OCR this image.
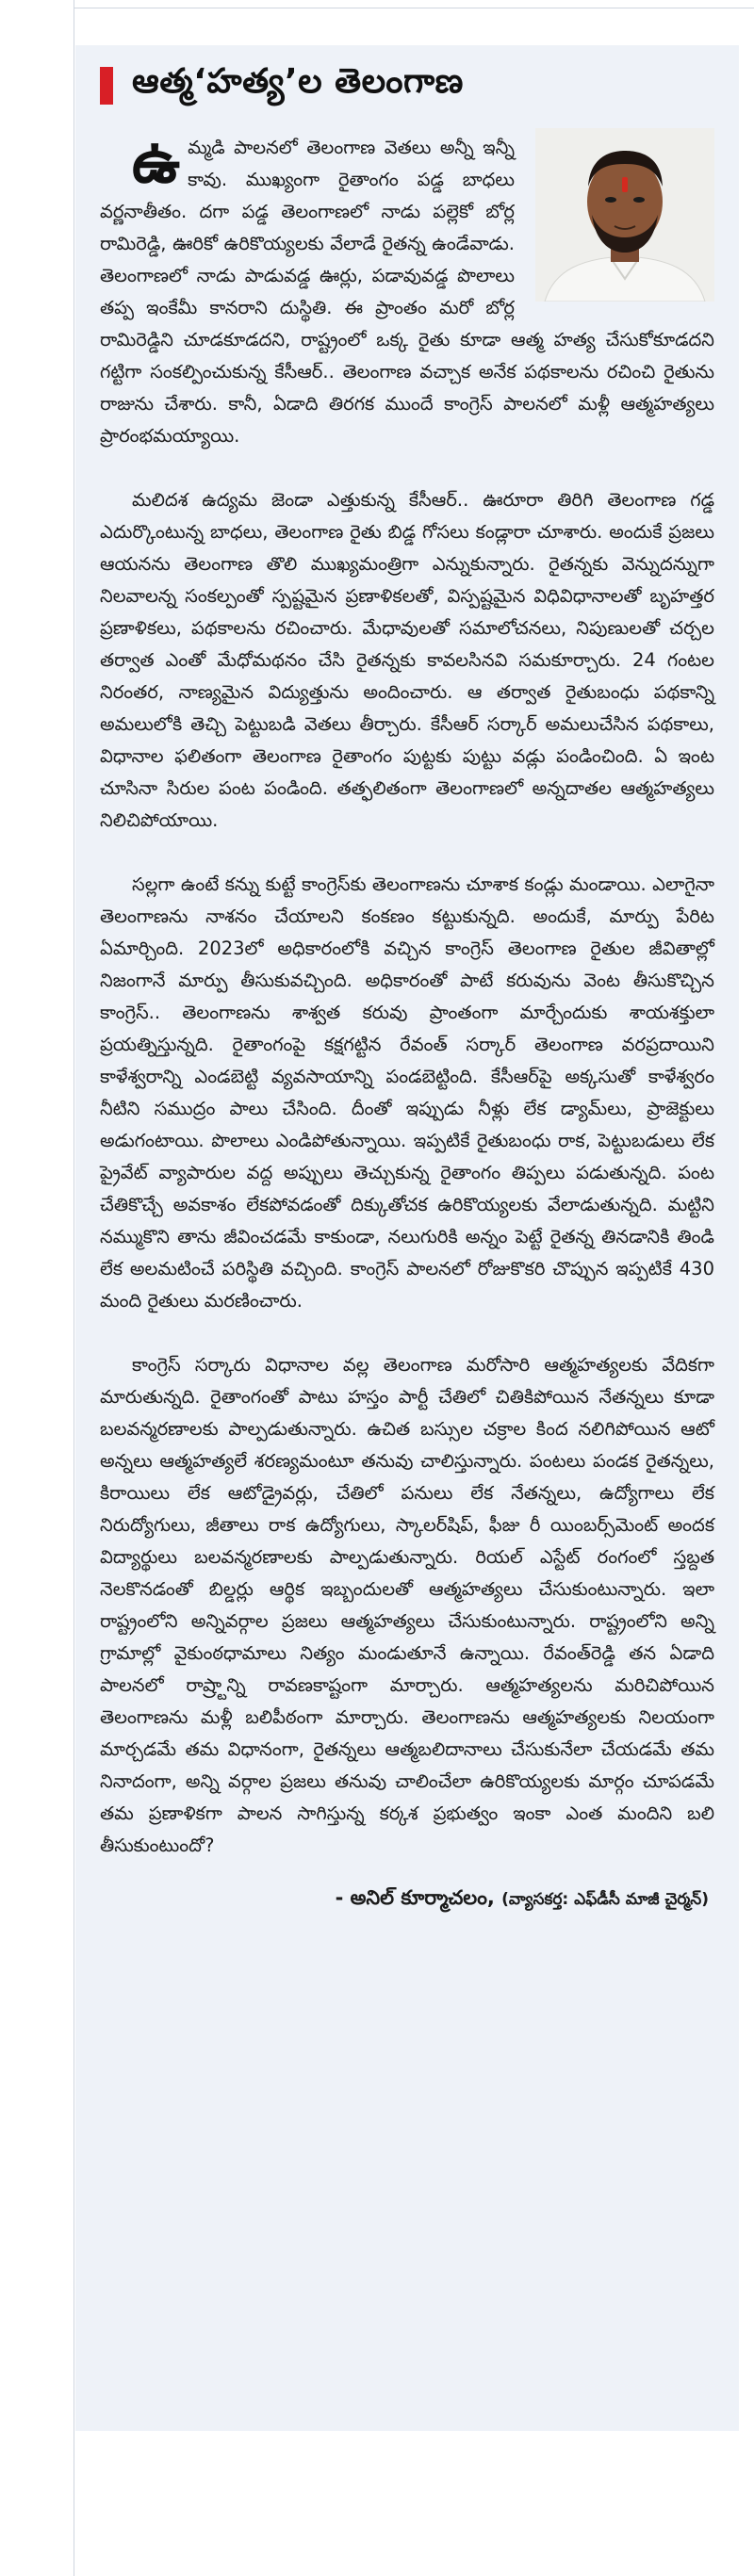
ఆత్మ‘హత్య’ల తెలంగాణ

ఉమ్మడి పాలనలో తెలంగాణ వెతలు అన్నీ ఇన్నీ కావు. ముఖ్యంగా రైతాంగం పడ్డ బాధలు వర్ణనాతీతం. దగా పడ్డ తెలంగాణలో నాడు పల్లెకో బోర్ల రామిరెడ్డి, ఊరికో ఉరికొయ్యలకు వేలాడే రైతన్న ఉండేవాడు. తెలంగాణలో నాడు పాడువడ్డ ఊర్లు, పడావువడ్డ పొలాలు తప్ప ఇంకేమీ కానరాని దుస్థితి. ఈ ప్రాంతం మరో బోర్ల రామిరెడ్డిని చూడకూడదని, రాష్ట్రంలో ఒక్క రైతు కూడా ఆత్మ హత్య చేసుకోకూడదని గట్టిగా సంకల్పించుకున్న కేసీఆర్.. తెలంగాణ వచ్చాక అనేక పథకాలను రచించి రైతును రాజును చేశారు. కానీ, ఏడాది తిరగక ముందే కాంగ్రెస్ పాలనలో మళ్లీ ఆత్మహత్యలు ప్రారంభమయ్యాయి.

మలిదశ ఉద్యమ జెండా ఎత్తుకున్న కేసీఆర్.. ఊరూరా తిరిగి తెలంగాణ గడ్డ ఎదుర్కొంటున్న బాధలు, తెలంగాణ రైతు బిడ్డ గోసలు కండ్లారా చూశారు. అందుకే ప్రజలు ఆయనను తెలంగాణ తొలి ముఖ్యమంత్రిగా ఎన్నుకున్నారు. రైతన్నకు వెన్నుదన్నుగా నిలవాలన్న సంకల్పంతో స్పష్టమైన ప్రణాళికలతో, విస్పష్టమైన విధివిధానాలతో బృహత్తర ప్రణాళికలు, పథకాలను రచించారు. మేధావులతో సమాలోచనలు, నిపుణులతో చర్చల తర్వాత ఎంతో మేధోమథనం చేసి రైతన్నకు కావలసినవి సమకూర్చారు. 24 గంటల నిరంతర, నాణ్యమైన విద్యుత్తును అందించారు. ఆ తర్వాత రైతుబంధు పథకాన్ని అమలులోకి తెచ్చి పెట్టుబడి వెతలు తీర్చారు. కేసీఆర్ సర్కార్ అమలుచేసిన పథకాలు, విధానాల ఫలితంగా తెలంగాణ రైతాంగం పుట్టకు పుట్టు వడ్లు పండించింది. ఏ ఇంట చూసినా సిరుల పంట పండింది. తత్ఫలితంగా తెలంగాణలో అన్నదాతల ఆత్మహత్యలు నిలిచిపోయాయి.

సల్లగా ఉంటే కన్ను కుట్టే కాంగ్రెస్‌కు తెలంగాణను చూశాక కండ్లు మండాయి. ఎలాగైనా తెలంగాణను నాశనం చేయాలని కంకణం కట్టుకున్నది. అందుకే, మార్పు పేరిట ఏమార్చింది. 2023లో అధికారంలోకి వచ్చిన కాంగ్రెస్ తెలంగాణ రైతుల జీవితాల్లో నిజంగానే మార్పు తీసుకువచ్చింది. అధికారంతో పాటే కరువును వెంట తీసుకొచ్చిన కాంగ్రెస్.. తెలంగాణను శాశ్వత కరువు ప్రాంతంగా మార్చేందుకు శాయశక్తులా ప్రయత్నిస్తున్నది. రైతాంగంపై కక్షగట్టిన రేవంత్ సర్కార్ తెలంగాణ వరప్రదాయిని కాళేశ్వరాన్ని ఎండబెట్టి వ్యవసాయాన్ని పండబెట్టింది. కేసీఆర్‌పై అక్కసుతో కాళేశ్వరం నీటిని సముద్రం పాలు చేసింది. దీంతో ఇప్పుడు నీళ్లు లేక డ్యామ్‌లు, ప్రాజెక్టులు అడుగంటాయి. పొలాలు ఎండిపోతున్నాయి. ఇప్పటికే రైతుబంధు రాక, పెట్టుబడులు లేక ప్రైవేట్ వ్యాపారుల వద్ద అప్పులు తెచ్చుకున్న రైతాంగం తిప్పలు పడుతున్నది. పంట చేతికొచ్చే అవకాశం లేకపోవడంతో దిక్కుతోచక ఉరికొయ్యలకు వేలాడుతున్నది. మట్టిని నమ్ముకొని తాను జీవించడమే కాకుండా, నలుగురికి అన్నం పెట్టే రైతన్న తినడానికి తిండి లేక అలమటించే పరిస్థితి వచ్చింది. కాంగ్రెస్ పాలనలో రోజుకొకరి చొప్పున ఇప్పటికే 430 మంది రైతులు మరణించారు.

కాంగ్రెస్ సర్కారు విధానాల వల్ల తెలంగాణ మరోసారి ఆత్మహత్యలకు వేదికగా మారుతున్నది. రైతాంగంతో పాటు హస్తం పార్టీ చేతిలో చితికిపోయిన నేతన్నలు కూడా బలవన్మరణాలకు పాల్పడుతున్నారు. ఉచిత బస్సుల చక్రాల కింద నలిగిపోయిన ఆటో అన్నలు ఆత్మహత్యలే శరణ్యమంటూ తనువు చాలిస్తున్నారు. పంటలు పండక రైతన్నలు, కిరాయిలు లేక ఆటోడ్రైవర్లు, చేతిలో పనులు లేక నేతన్నలు, ఉద్యోగాలు లేక నిరుద్యోగులు, జీతాలు రాక ఉద్యోగులు, స్కాలర్‌షిప్, ఫీజు రీ యింబర్స్‌మెంట్ అందక విద్యార్థులు బలవన్మరణాలకు పాల్పడుతున్నారు. రియల్ ఎస్టేట్ రంగంలో స్తబ్దత నెలకొనడంతో బిల్డర్లు ఆర్థిక ఇబ్బందులతో ఆత్మహత్యలు చేసుకుంటున్నారు. ఇలా రాష్ట్రంలోని అన్నివర్గాల ప్రజలు ఆత్మహత్యలు చేసుకుంటున్నారు. రాష్ట్రంలోని అన్ని గ్రామాల్లో వైకుంఠధామాలు నిత్యం మండుతూనే ఉన్నాయి. రేవంత్‌రెడ్డి తన ఏడాది పాలనలో రాష్ర్టాన్ని రావణకాష్టంగా మార్చారు. ఆత్మహత్యలను మరిచిపోయిన తెలంగాణను మళ్లీ బలిపీఠంగా మార్చారు. తెలంగాణను ఆత్మహత్యలకు నిలయంగా మార్చడమే తమ విధానంగా, రైతన్నలు ఆత్మబలిదానాలు చేసుకునేలా చేయడమే తమ నినాదంగా, అన్ని వర్గాల ప్రజలు తనువు చాలించేలా ఉరికొయ్యలకు మార్గం చూపడమే తమ ప్రణాళికగా పాలన సాగిస్తున్న కర్కశ ప్రభుత్వం ఇంకా ఎంత మందిని బలి తీసుకుంటుందో?

- అనిల్ కూర్మాచలం, (వ్యాసకర్త: ఎఫ్‌డీసీ మాజీ చైర్మన్)
